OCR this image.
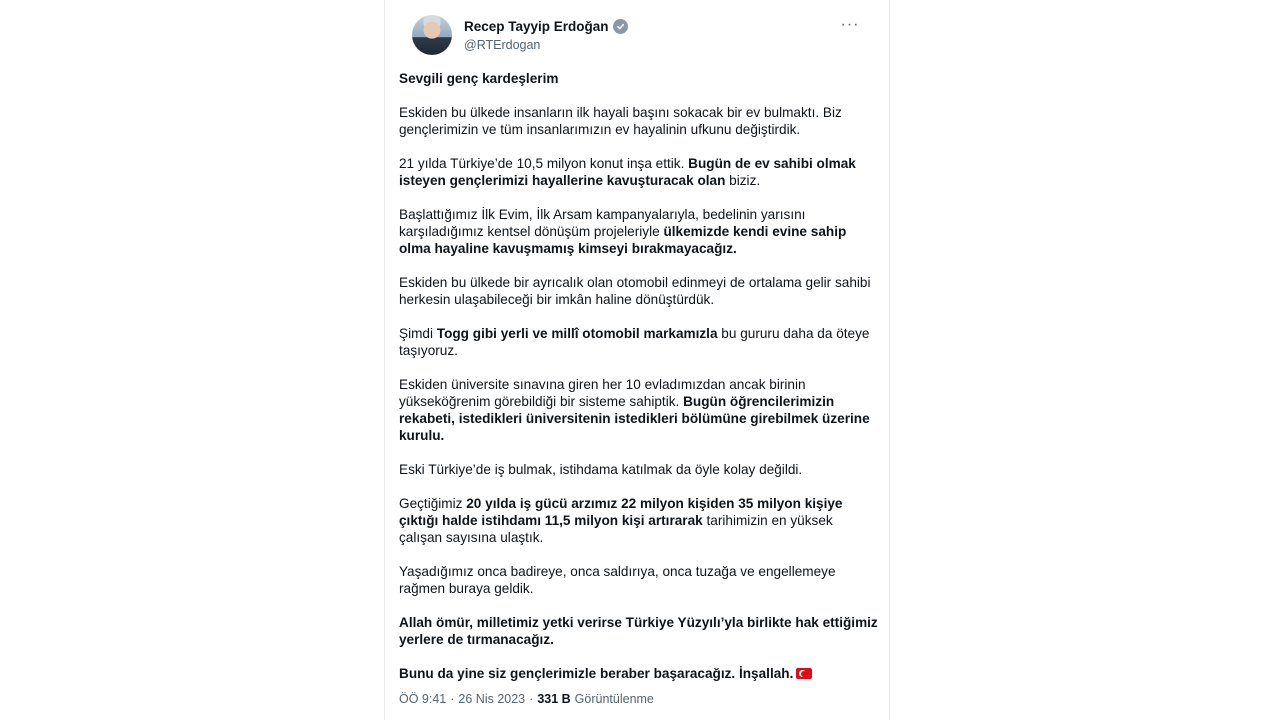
Recep Tayyip Erdoğan
@RTErdogan
···

Sevgili genç kardeşlerim

Eskiden bu ülkede insanların ilk hayali başını sokacak bir ev bulmaktı. Biz gençlerimizin ve tüm insanlarımızın ev hayalinin ufkunu değiştirdik.

21 yılda Türkiye’de 10,5 milyon konut inşa ettik. Bugün de ev sahibi olmak isteyen gençlerimizi hayallerine kavuşturacak olan biziz.

Başlattığımız İlk Evim, İlk Arsam kampanyalarıyla, bedelinin yarısını karşıladığımız kentsel dönüşüm projeleriyle ülkemizde kendi evine sahip olma hayaline kavuşmamış kimseyi bırakmayacağız.

Eskiden bu ülkede bir ayrıcalık olan otomobil edinmeyi de ortalama gelir sahibi herkesin ulaşabileceği bir imkân haline dönüştürdük.

Şimdi Togg gibi yerli ve millî otomobil markamızla bu gururu daha da öteye taşıyoruz.

Eskiden üniversite sınavına giren her 10 evladımızdan ancak birinin yükseköğrenim görebildiği bir sisteme sahiptik. Bugün öğrencilerimizin rekabeti, istedikleri üniversitenin istedikleri bölümüne girebilmek üzerine kurulu.

Eski Türkiye’de iş bulmak, istihdama katılmak da öyle kolay değildi.

Geçtiğimiz 20 yılda iş gücü arzımız 22 milyon kişiden 35 milyon kişiye çıktığı halde istihdamı 11,5 milyon kişi artırarak tarihimizin en yüksek çalışan sayısına ulaştık.

Yaşadığımız onca badireye, onca saldırıya, onca tuzağa ve engellemeye rağmen buraya geldik.

Allah ömür, milletimiz yetki verirse Türkiye Yüzyılı’yla birlikte hak ettiğimiz yerlere de tırmanacağız.

Bunu da yine siz gençlerimizle beraber başaracağız. İnşallah.

ÖÖ 9:41 · 26 Nis 2023 · 331 B Görüntülenme
